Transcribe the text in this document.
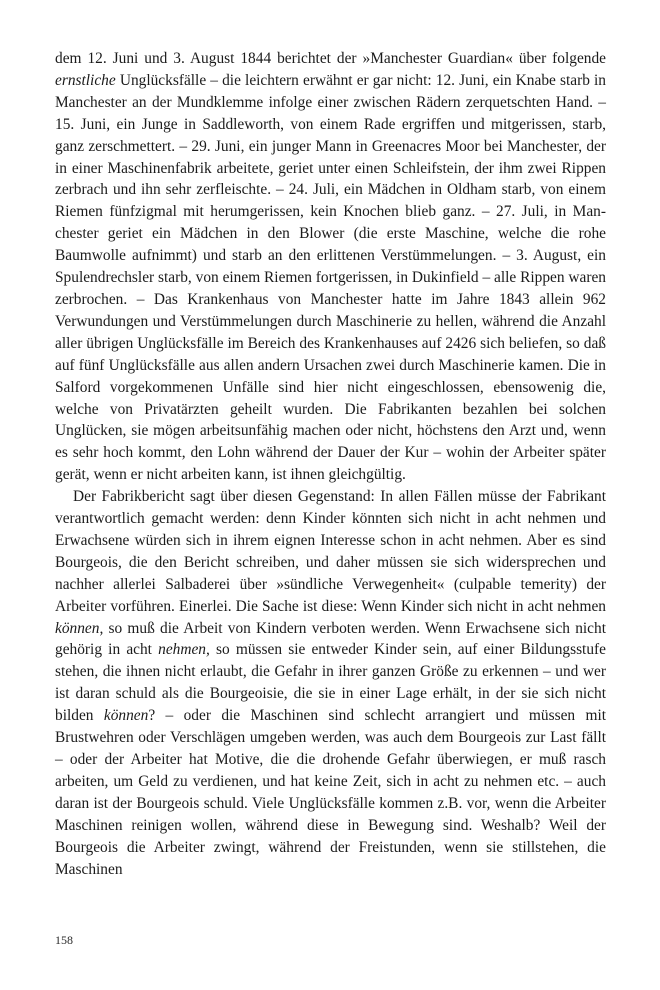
dem 12. Juni und 3. August 1844 berichtet der »Manchester Guardian« über folgende ernstliche Unglücksfälle – die leichtern erwähnt er gar nicht: 12. Juni, ein Knabe starb in Manchester an der Mundklemme infolge einer zwischen Rädern zerquetschten Hand. – 15. Juni, ein Junge in Saddleworth, von einem Rade ergriffen und mitgerissen, starb, ganz zerschmettert. – 29. Juni, ein junger Mann in Greenacres Moor bei Manchester, der in einer Maschinenfabrik arbeitete, geriet unter einen Schleifstein, der ihm zwei Rippen zerbrach und ihn sehr zerfleischte. – 24. Juli, ein Mädchen in Oldham starb, von einem Riemen fünfzigmal mit herumgerissen, kein Knochen blieb ganz. – 27. Juli, in Manchester geriet ein Mädchen in den Blower (die erste Maschine, welche die rohe Baumwolle aufnimmt) und starb an den erlittenen Verstümmelungen. – 3. August, ein Spulendrechsler starb, von einem Riemen fortgerissen, in Dukinfield – alle Rippen waren zerbrochen. – Das Krankenhaus von Manchester hatte im Jahre 1843 allein 962 Verwundungen und Verstümmelungen durch Maschinerie zu hellen, während die Anzahl aller übrigen Unglücksfälle im Bereich des Krankenhauses auf 2426 sich beliefen, so daß auf fünf Unglücksfälle aus allen andern Ursachen zwei durch Maschinerie kamen. Die in Salford vorgekommenen Unfälle sind hier nicht eingeschlossen, ebensowenig die, welche von Privatärzten geheilt wurden. Die Fabrikanten bezahlen bei solchen Unglücken, sie mögen arbeitsunfähig machen oder nicht, höchstens den Arzt und, wenn es sehr hoch kommt, den Lohn während der Dauer der Kur – wohin der Arbeiter später gerät, wenn er nicht arbeiten kann, ist ihnen gleichgültig.

Der Fabrikbericht sagt über diesen Gegenstand: In allen Fällen müsse der Fabrikant verantwortlich gemacht werden: denn Kinder könnten sich nicht in acht nehmen und Erwachsene würden sich in ihrem eignen Interesse schon in acht nehmen. Aber es sind Bourgeois, die den Bericht schreiben, und daher müssen sie sich widersprechen und nachher allerlei Salbaderei über »sündliche Verwegenheit« (culpable temerity) der Arbeiter vorführen. Einerlei. Die Sache ist diese: Wenn Kinder sich nicht in acht nehmen können, so muß die Arbeit von Kindern verboten werden. Wenn Erwachsene sich nicht gehörig in acht nehmen, so müssen sie entweder Kinder sein, auf einer Bildungsstufe stehen, die ihnen nicht erlaubt, die Gefahr in ihrer ganzen Größe zu erkennen – und wer ist daran schuld als die Bourgeoisie, die sie in einer Lage erhält, in der sie sich nicht bilden können? – oder die Maschinen sind schlecht arrangiert und müssen mit Brustwehren oder Verschlägen umgeben werden, was auch dem Bourgeois zur Last fällt – oder der Arbeiter hat Motive, die die drohende Gefahr überwiegen, er muß rasch arbeiten, um Geld zu verdienen, und hat keine Zeit, sich in acht zu nehmen etc. – auch daran ist der Bourgeois schuld. Viele Unglücksfälle kommen z.B. vor, wenn die Arbeiter Maschinen reinigen wollen, während diese in Bewegung sind. Weshalb? Weil der Bourgeois die Arbeiter zwingt, während der Freistunden, wenn sie stillstehen, die Maschinen

158
